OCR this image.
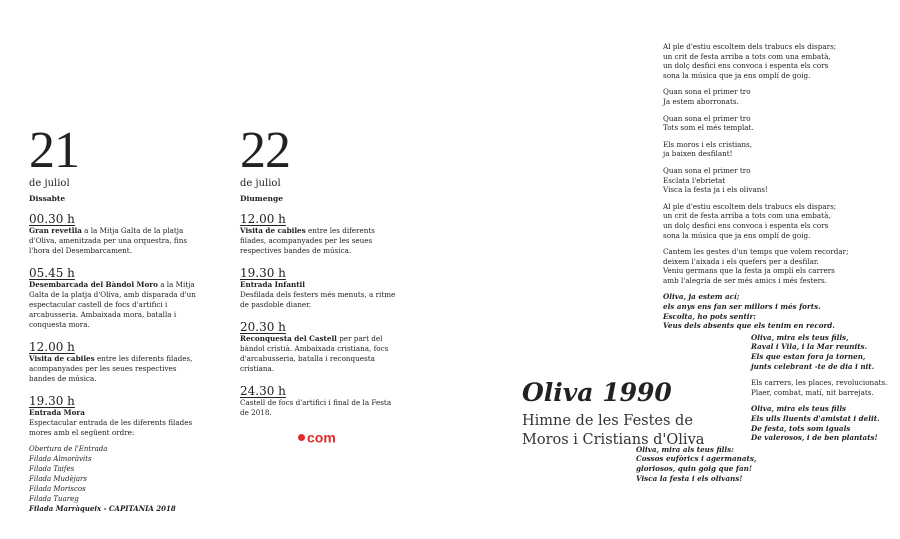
21
de juliol
Dissabte
00.30 h
Gran revetlla a la Mitja Galta de la platja d'Oliva, amenitzada per una orquestra, fins l'hora del Desembarcament.
05.45 h
Desembarcada del Bàndol Moro a la Mitja Galta de la platja d'Oliva, amb disparada d'un espectacular castell de focs d'artifici i arcabusseria. Ambaixada mora, batalla i conquesta mora.
12.00 h
Visita de cabiles entre les diferents filades, acompanyades per les seues respectives bandes de música.
19.30 h
Entrada Mora
Espectacular entrada de les diferents filades mores amb el següent ordre:
Obertura de l'Entrada
Filada Almoràvits
Filada Taifes
Filada Mudèjars
Filada Moriscos
Filada Tuareg
Filada Marràqueix - CAPITANIA 2018
22
de juliol
Diumenge
12.00 h
Visita de cabiles entre les diferents filades, acompanyades per les seues respectives bandes de música.
19.30 h
Entrada Infantil
Desfilada dels festers més menuts, a ritme de pasdoble dianer.
20.30 h
Reconquesta del Castell per part del bàndol cristià. Ambaixada cristiana, focs d'arcabusseria, batalla i reconquesta cristiana.
24.30 h
Castell de focs d'artifici i final de la Festa de 2018.
com
Al ple d'estiu escoltem dels trabucs els dispars;
un crit de festa arriba a tots com una embatà,
un dolç desfici ens convoca i espenta els cors
sona la música que ja ens omplí de goig.
Quan sona el primer tro
Ja estem aborronats.
Quan sona el primer tro
Tots som el més templat.
Els moros i els cristians,
ja baixen desfilant!
Quan sona el primer tro
Esclata l'ebrietat
Visca la festa ja i els olivans!
Al ple d'estiu escoltem dels trabucs els dispars;
un crit de festa arriba a tots com una embatà,
un dolç desfici ens convoca i espenta els cors
sona la música que ja ens omplí de goig.
Cantem les gestes d'un temps que volem recordar;
deixem l'aixada i els quefers per a desfilar.
Veniu germans que la festa ja omplí els carrers
amb l'alegria de ser més amics i més festers.
Oliva, ja estem ací;
els anys ens fan ser millors i més forts.
Escolta, ho pots sentir:
Veus dels absents que els tenim en record.
Oliva, mira els teus fills,
Raval i Vila, i la Mar reunits.
Els que estan fora ja tornen,
junts celebrant -te de dia i nit.
Els carrers, les places, revolucionats.
Plaer, combat, matí, nit barrejats.
Oliva, mira els teus fills
Els ulls lluents d'amistat i delit.
De festa, tots som iguals
De valerosos, i de ben plantats!
Oliva, mira als teus fills:
Cossos eufòrics i agermanats,
gloriosos, quin goig que fan!
Visca la festa i els olivans!
Oliva 1990
Himne de les Festes de
Moros i Cristians d'Oliva
